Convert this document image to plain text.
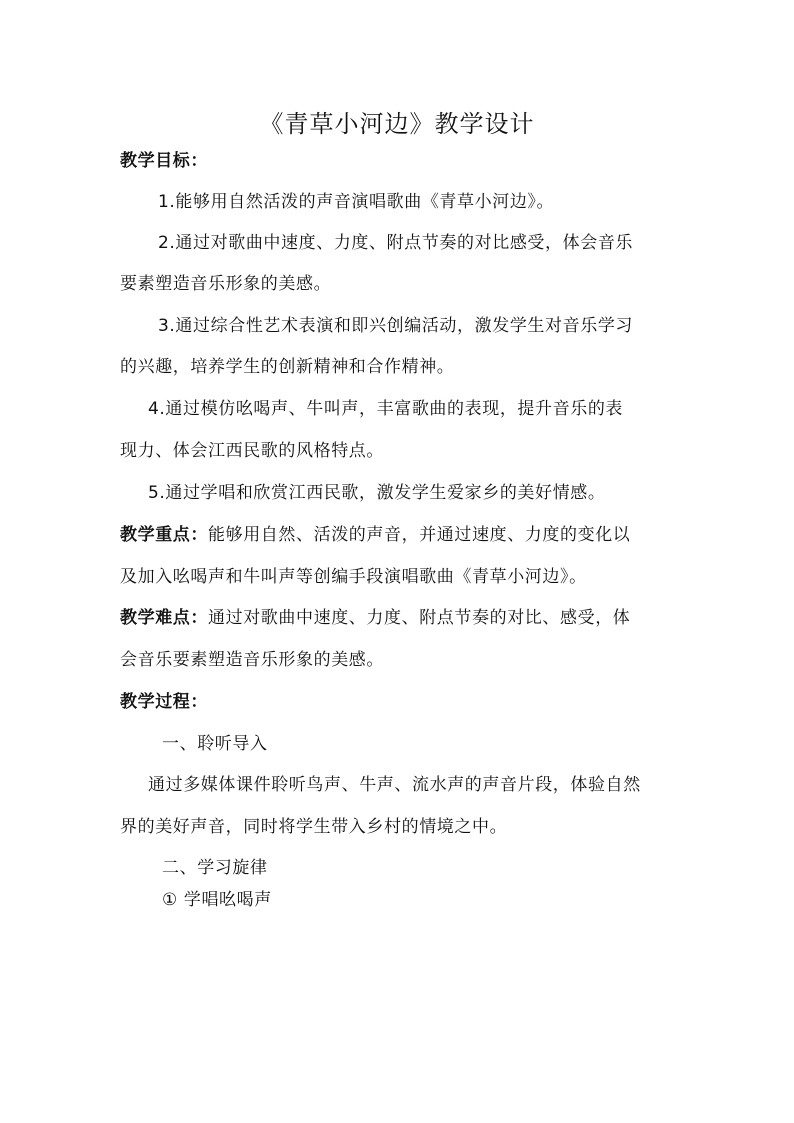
《青草小河边》教学设计
教学目标：
1.能够用自然活泼的声音演唱歌曲《青草小河边》。
2.通过对歌曲中速度、力度、附点节奏的对比感受，体会音乐
要素塑造音乐形象的美感。
3.通过综合性艺术表演和即兴创编活动，激发学生对音乐学习
的兴趣，培养学生的创新精神和合作精神。
4.通过模仿吆喝声、牛叫声，丰富歌曲的表现，提升音乐的表
现力、体会江西民歌的风格特点。
5.通过学唱和欣赏江西民歌，激发学生爱家乡的美好情感。
教学重点：能够用自然、活泼的声音，并通过速度、力度的变化以
及加入吆喝声和牛叫声等创编手段演唱歌曲《青草小河边》。
教学难点：通过对歌曲中速度、力度、附点节奏的对比、感受，体
会音乐要素塑造音乐形象的美感。
教学过程：
一、聆听导入
通过多媒体课件聆听鸟声、牛声、流水声的声音片段，体验自然
界的美好声音，同时将学生带入乡村的情境之中。
二、学习旋律
① 学唱吆喝声
